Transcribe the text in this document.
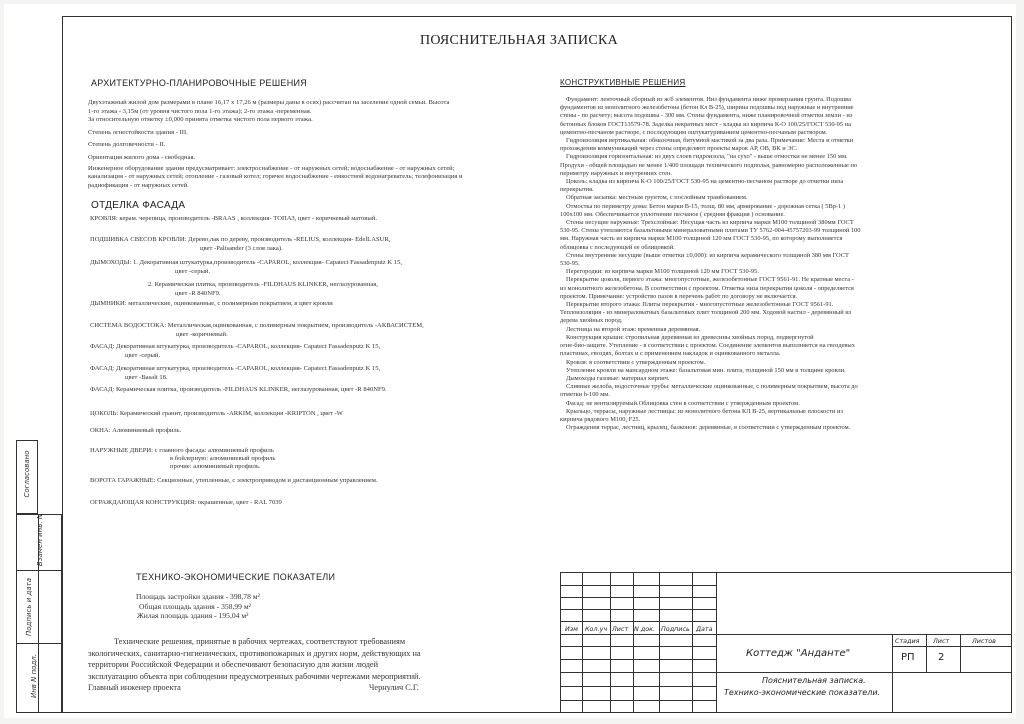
Согласовано
Взамен инв. N
Подпись и дата
Инв N подл.
ПОЯСНИТЕЛЬНАЯ ЗАПИСКА
АРХИТЕКТУРНО-ПЛАНИРОВОЧНЫЕ РЕШЕНИЯ
Двухэтажный жилой дом размерами в плане 16,17 х 17,26 м (размеры даны в осях) рассчитан на заселение одной семьи. Высота
1-го этажа - 3,15м (от уровня чистого пола 1-го этажа); 2-го этажа -переменная.
За относительную отметку ±0,000 принята отметка чистого пола первого этажа.
Степень огнестойкости здания - III.
Степень долговечности - II.
Ориентация жилого дома - свободная.
Инженерное оборудование здания предусматривает: электроснабжение - от наружных сетей; водоснабжение - от наружных сетей;
канализация - от наружных сетей; отопление - газовый котел; горячее водоснабжение - емкостной водонагреватель; телефонизация и
радиофикация - от наружных сетей.
ОТДЕЛКА ФАСАДА
КРОВЛЯ: керам. черепица, производитель -BRAAS , коллекция- ТОПАЗ, цвет - коричневый матовый.
ПОДШИВКА СВЕСОВ КРОВЛИ: Дерево,лак по дереву, производитель -RELIUS, коллекция- EdelLASUR,
цвет -Palisander (3 слоя лака).
ДЫМОХОДЫ: 1. Декоративная штукатурка,производитель -CAPAROL, коллекция- Capatect Fassadenputz K 15,
цвет -серый.
2. Керамическая плитка, производитель -FILDHAUS KLINKER, неглазурованная,
цвет -R 840NF9.
ДЫМНИКИ: металлические, оцинкованные, с полимерным покрытием, в цвет кровли
СИСТЕМА ВОДОСТОКА: Металлическая,оцинкованная, с полимерным покрытием, производитель -АКВАСИСТЕМ,
цвет -коричневый.
ФАСАД: Декоративная штукатурка, производитель -CAPAROL, коллекция- Capatect Fassadenputz K 15,
цвет -серый.
ФАСАД: Декоративная штукатурка, производитель -CAPAROL, коллекция- Capatect Fassadenputz K 15,
цвет -Basalt 18.
ФАСАД: Керамическая плитка, производитель -FILDHAUS KLINKER, неглазурованная, цвет -R 840NF9.
ЦОКОЛЬ: Керамический гранит, производитель -ARKIM, коллекция -KRIPTON , цвет -W
ОКНА: Алюминиевый профиль.
НАРУЖНЫЕ ДВЕРИ: с главного фасада: алюминиевый профиль
в бойлерную: алюминиевый профиль
прочие: алюминиевый профиль.
ВОРОТА ГАРАЖНЫЕ: Секционные, утепленные, с электроприводом и дистанционным управлением.
ОГРАЖДАЮЩАЯ КОНСТРУКЦИЯ: окрашенные, цвет - RAL 7039
ТЕХНИКО-ЭКОНОМИЧЕСКИЕ ПОКАЗАТЕЛИ
Площадь застройки здания - 398,78 м²
Общая площадь здания - 358,99 м²
Жилая площадь здания - 195,04 м²
Технические решения, принятые в рабочих чертежах, соответствуют требованиям
экологических, санитарно-гигиенических, противопожарных и других норм, действующих на
территории Российской Федерации и обеспечивают безопасную для жизни людей
эксплуатацию объекта при соблюдении предусмотренных рабочими чертежами мероприятий.
Главный инженер проекта	Чернулич С.Г.
КОНСТРУКТИВНЫЕ РЕШЕНИЯ
Фундамент: ленточный сборный из ж/б элементов. Низ фундамента ниже промерзания грунта. Подошва
фундаментов из монолитного железобетона (бетон Кл В-25), ширина подошвы под наружные и внутренние
стены - по расчету; высота подошвы - 300 мм. Стены фундамента, ниже планировочной отметки земли - из
бетонных блоков ГОСТ13579-78. Заделка некратных мест - кладка из кирпича К-О 100/25/ГОСТ 530-95 на
цементно-песчаном растворе, с последующим оштукатуриванием цементно-песчаным раствором.
Гидроизоляция вертикальная: обмазочная, битумной мастикой за два раза. Примечание: Места и отметки
прохождения коммуникаций через стены определяют проекты марок АР, ОВ, ВК и ЭС.
Гидроизоляция горизонтальная: из двух слоев гидроизола, "на сухо" - выше отмостки не менее 150 мм.
Продухи - общей площадью не менее 1/400 площади технического подполья, равномерно расположенные по
периметру наружных и внутренних стен.
Цоколь: кладка из кирпича К-О 100/25/ГОСТ 530-95 на цементно-песчаном растворе до отметки низа
перекрытия.
Обратная засыпка: местным грунтом, с послойным трамбованием.
Отмостка по периметру дома: Бетон марки В-15, толщ. 80 мм, армирование - дорожная сетка ( 5Вр-1 )
100х100 мм. Обеспечивается уплотнение песчаное ( средняя фракция ) основание.
Стены несущие наружные: Трехслойные: Несущая часть из кирпича марки М100 толщиной 380мм ГОСТ
530-95. Стены утепляются базальтовыми минераловатными плитами ТУ 5762-004-45757203-99 толщиной 100
мм. Наружная часть из кирпича марки М100 толщиной 120 мм ГОСТ 530-95, по которому выполняется
облицовка с последующей ее облицовкой.
Стены внутренние несущие (выше отметки ±0,000): из кирпича керамического толщиной 380 мм ГОСТ
530-95.
Перегородки: из кирпича марки М100 толщиной 120 мм ГОСТ 530-95.
Перекрытие цоколя, первого этажа: многопустотные, железобетонные ГОСТ 9561-91. Не кратные места -
из монолитного железобетона. В соответствии с проектом. Отметка низа перекрытия цоколя - определяется
проектом. Примечание: устройство пазов в перечень работ по договору не включается.
Перекрытие второго этажа: Плиты перекрытия - многопустотные железобетонные ГОСТ 9561-91.
Теплоизоляция - из минераловатных базальтовых плит толщиной 200 мм. Ходовой настил - деревянный из
дерева хвойных пород.
Лестница на второй этаж: временная деревянная.
Конструкция крыши: стропильная деревянная из древесины хвойных пород, подвергнутой
огне-био-защите. Утепление - в соответствии с проектом. Соединение элементов выполняется на гвоздевых
пластинах, гвоздях, болтах и с применением накладок и оцинкованного металла.
Кровля: в соответствии с утвержденным проектом.
Утепление кровли на мансардном этаже: базальтовая мин. плита, толщиной 150 мм в толщине кровли.
Дымоходы газовые: материал кирпич.
Сливные желоба, водосточные трубы: металлические оцинкованные, с полимерным покрытием, высота до
отметки h-100 мм.
Фасад: не вентилируемый.Облицовка стен в соответствии с утвержденным проектом.
Крыльцо, террасы, наружные лестницы: из монолитного бетона КЛ В-25, вертикальные плоскости из
кирпича рядового М100, F25.
Ограждения террас, лестниц, крылец, балконов: деревянные, в соответствии с утвержденным проектом.
Изм Кол.уч Лист N док. Подпись Дата
Коттедж "Анданте"
Стадия Лист	Листов
РП 2
Пояснительная записка.
Технико-экономические показатели.
